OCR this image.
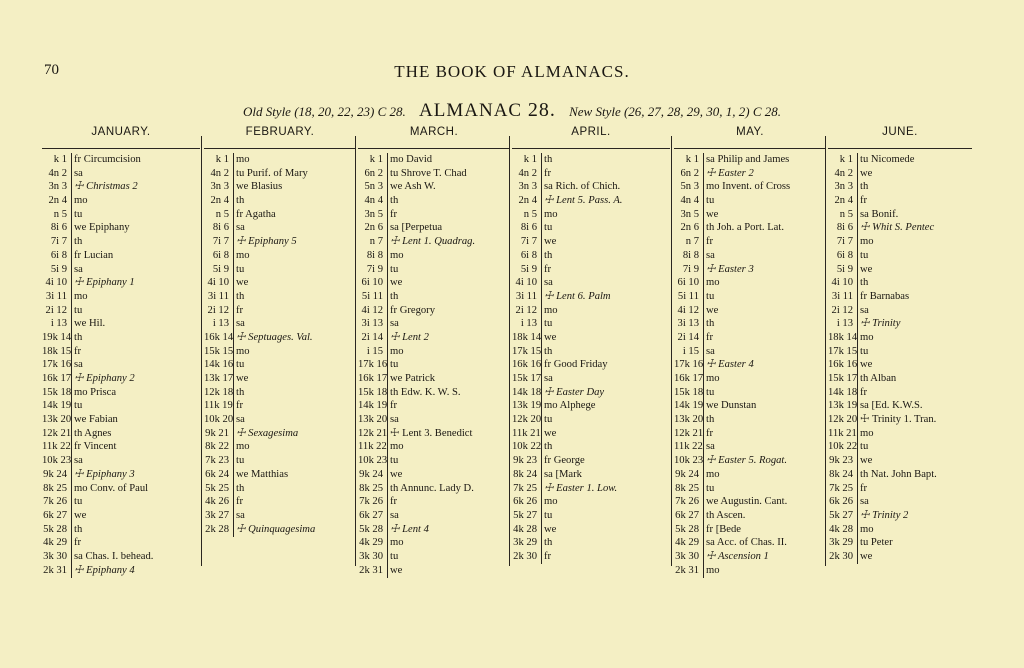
70	THE BOOK OF ALMANACS.
Old Style (18, 20, 22, 23) C 28. ALMANAC 28. New Style (26, 27, 28, 29, 30, 1, 2) C 28.
JANUARY.
k 1 fr Circumcision
4n 2 sa
3n 3 ☩ Christmas 2
2n 4 mo
n 5 tu
8i 6 we Epiphany
7i 7 th
6i 8 fr Lucian
5i 9 sa
4i 10 ☩ Epiphany 1
3i 11 mo
2i 12 tu
i 13 we Hil.
19k 14 th
18k 15 fr
17k 16 sa
16k 17 ☩ Epiphany 2
15k 18 mo Prisca
14k 19 tu
13k 20 we Fabian
12k 21 th Agnes
11k 22 fr Vincent
10k 23 sa
9k 24 ☩ Epiphany 3
8k 25 mo Conv. of Paul
7k 26 tu
6k 27 we
5k 28 th
4k 29 fr
3k 30 sa Chas. I. behead.
2k 31 ☩ Epiphany 4
FEBRUARY.
k 1 mo
4n 2 tu Purif. of Mary
3n 3 we Blasius
2n 4 th
n 5 fr Agatha
8i 6 sa
7i 7 ☩ Epiphany 5
6i 8 mo
5i 9 tu
4i 10 we
3i 11 th
2i 12 fr
i 13 sa
16k 14 ☩ Septuages. Val.
15k 15 mo
14k 16 tu
13k 17 we
12k 18 th
11k 19 fr
10k 20 sa
9k 21 ☩ Sexagesima
8k 22 mo
7k 23 tu
6k 24 we Matthias
5k 25 th
4k 26 fr
3k 27 sa
2k 28 ☩ Quinquagesima
MARCH.
k 1 mo David
6n 2 tu Shrove T. Chad
5n 3 we Ash W.
4n 4 th
3n 5 fr
2n 6 sa [Perpetua
n 7 ☩ Lent 1. Quadrag.
8i 8 mo
7i 9 tu
6i 10 we
5i 11 th
4i 12 fr Gregory
3i 13 sa
2i 14 ☩ Lent 2
i 15 mo
17k 16 tu
16k 17 we Patrick
15k 18 th Edw. K. W. S.
14k 19 fr
13k 20 sa
12k 21 ☩ Lent 3. Benedict
11k 22 mo
10k 23 tu
9k 24 we
8k 25 th Annunc. Lady D.
7k 26 fr
6k 27 sa
5k 28 ☩ Lent 4
4k 29 mo
3k 30 tu
2k 31 we
APRIL.
k 1 th
4n 2 fr
3n 3 sa Rich. of Chich.
2n 4 ☩ Lent 5. Pass. A.
n 5 mo
8i 6 tu
7i 7 we
6i 8 th
5i 9 fr
4i 10 sa
3i 11 ☩ Lent 6. Palm
2i 12 mo
i 13 tu
18k 14 we
17k 15 th
16k 16 fr Good Friday
15k 17 sa
14k 18 ☩ Easter Day
13k 19 mo Alphege
12k 20 tu
11k 21 we
10k 22 th
9k 23 fr George
8k 24 sa [Mark
7k 25 ☩ Easter 1. Low.
6k 26 mo
5k 27 tu
4k 28 we
3k 29 th
2k 30 fr
MAY.
k 1 sa Philip and James
6n 2 ☩ Easter 2
5n 3 mo Invent. of Cross
4n 4 tu
3n 5 we
2n 6 th Joh. a Port. Lat.
n 7 fr
8i 8 sa
7i 9 ☩ Easter 3
6i 10 mo
5i 11 tu
4i 12 we
3i 13 th
2i 14 fr
i 15 sa
17k 16 ☩ Easter 4
16k 17 mo
15k 18 tu
14k 19 we Dunstan
13k 20 th
12k 21 fr
11k 22 sa
10k 23 ☩ Easter 5. Rogat.
9k 24 mo
8k 25 tu
7k 26 we Augustin. Cant.
6k 27 th Ascen.
5k 28 fr [Bede
4k 29 sa Acc. of Chas. II.
3k 30 ☩ Ascension 1
2k 31 mo
JUNE.
k 1 tu Nicomede
4n 2 we
3n 3 th
2n 4 fr
n 5 sa Bonif.
8i 6 ☩ Whit S. Pentec
7i 7 mo
6i 8 tu
5i 9 we
4i 10 th
3i 11 fr Barnabas
2i 12 sa
i 13 ☩ Trinity
18k 14 mo
17k 15 tu
16k 16 we
15k 17 th Alban
14k 18 fr
13k 19 sa [Ed. K.W.S.
12k 20 ☩ Trinity 1. Tran.
11k 21 mo
10k 22 tu
9k 23 we
8k 24 th Nat. John Bapt.
7k 25 fr
6k 26 sa
5k 27 ☩ Trinity 2
4k 28 mo
3k 29 tu Peter
2k 30 we
